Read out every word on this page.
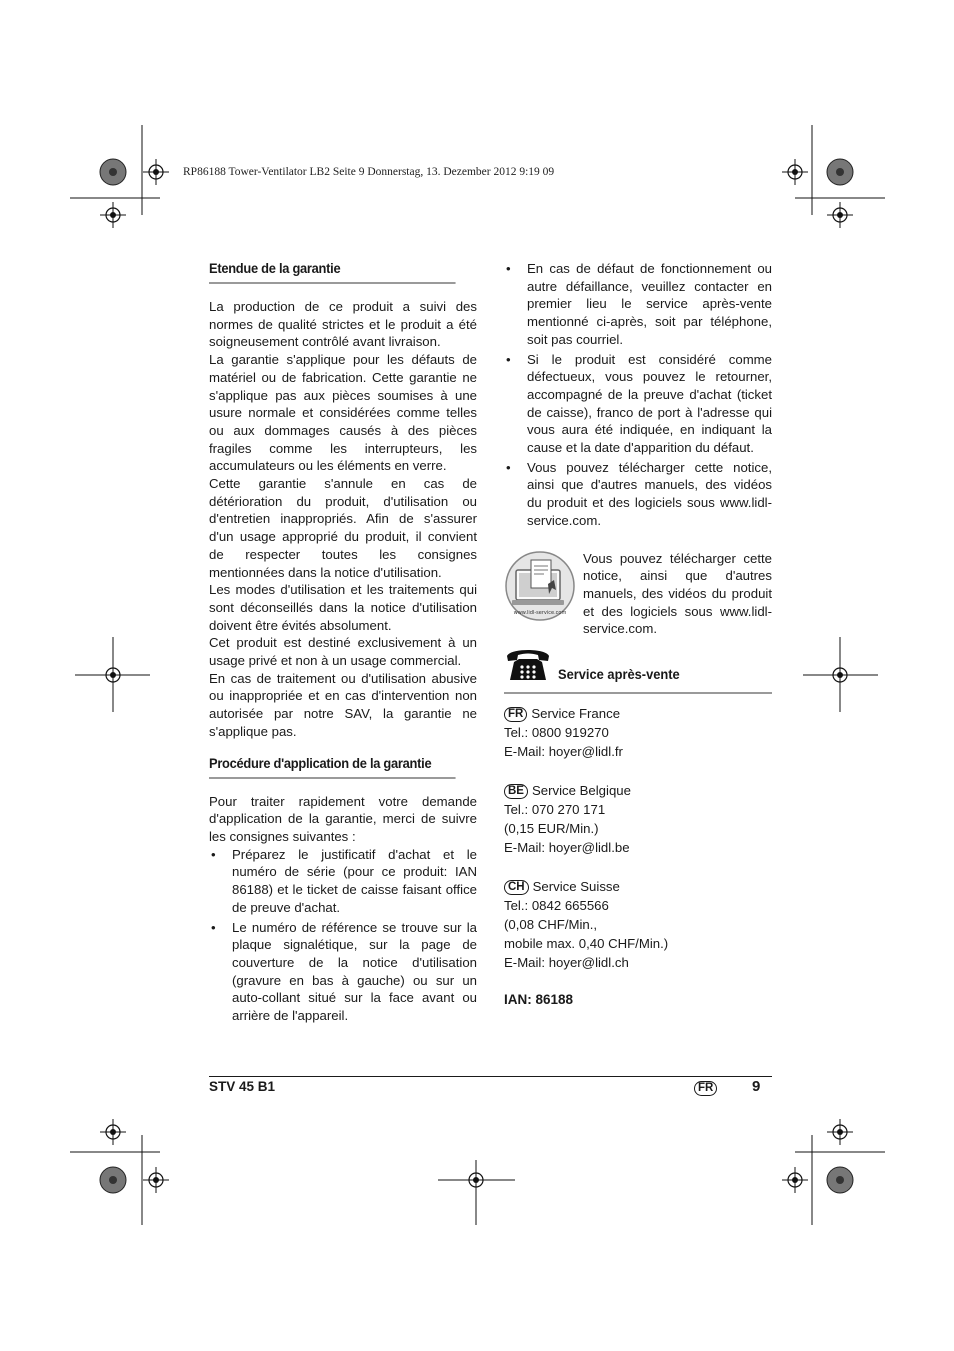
RP86188 Tower-Ventilator LB2 Seite 9 Donnerstag, 13. Dezember 2012 9:19 09
Etendue de la garantie

La production de ce produit a suivi des normes de qualité strictes et le produit a été soigneusement contrôlé avant livraison.

La garantie s'applique pour les défauts de matériel ou de fabrication. Cette garantie ne s'applique pas aux pièces soumises à une usure normale et considérées comme telles ou aux dommages causés à des pièces fragiles comme les interrupteurs, les accumulateurs ou les éléments en verre.

Cette garantie s'annule en cas de détérioration du produit, d'utilisation ou d'entretien inappropriés. Afin de s'assurer d'un usage approprié du produit, il convient de respecter toutes les consignes mentionnées dans la notice d'utilisation.

Les modes d'utilisation et les traitements qui sont déconseillés dans la notice d'utilisation doivent être évités absolument.

Cet produit est destiné exclusivement à un usage privé et non à un usage commercial.

En cas de traitement ou d'utilisation abusive ou inappropriée et en cas d'intervention non autorisée par notre SAV, la garantie ne s'applique pas.

Procédure d'application de la garantie

Pour traiter rapidement votre demande d'application de la garantie, merci de suivre les consignes suivantes :

• Préparez le justificatif d'achat et le numéro de série (pour ce produit: IAN 86188) et le ticket de caisse faisant office de preuve d'achat.
• Le numéro de référence se trouve sur la plaque signalétique, sur la page de couverture de la notice d'utilisation (gravure en bas à gauche) ou sur un auto-collant situé sur la face avant ou arrière de l'appareil.
• En cas de défaut de fonctionnement ou autre défaillance, veuillez contacter en premier lieu le service après-vente mentionné ci-après, soit par téléphone, soit pas courriel.
• Si le produit est considéré comme défectueux, vous pouvez le retourner, accompagné de la preuve d'achat (ticket de caisse), franco de port à l'adresse qui vous aura été indiquée, en indiquant la cause et la date d'apparition du défaut.
• Vous pouvez télécharger cette notice, ainsi que d'autres manuels, des vidéos du produit et des logiciels sous www.lidl-service.com.
www.lidl-service.com
Vous pouvez télécharger cette notice, ainsi que d'autres manuels, des vidéos du produit et des logiciels sous www.lidl-service.com.
Service après-vente
FR Service France
Tel.: 0800 919270
E-Mail: hoyer@lidl.fr
BE Service Belgique
Tel.: 070 270 171
(0,15 EUR/Min.)
E-Mail: hoyer@lidl.be
CH Service Suisse
Tel.: 0842 665566
(0,08 CHF/Min.,
mobile max. 0,40 CHF/Min.)
E-Mail: hoyer@lidl.ch
IAN: 86188
STV 45 B1	FR	9
